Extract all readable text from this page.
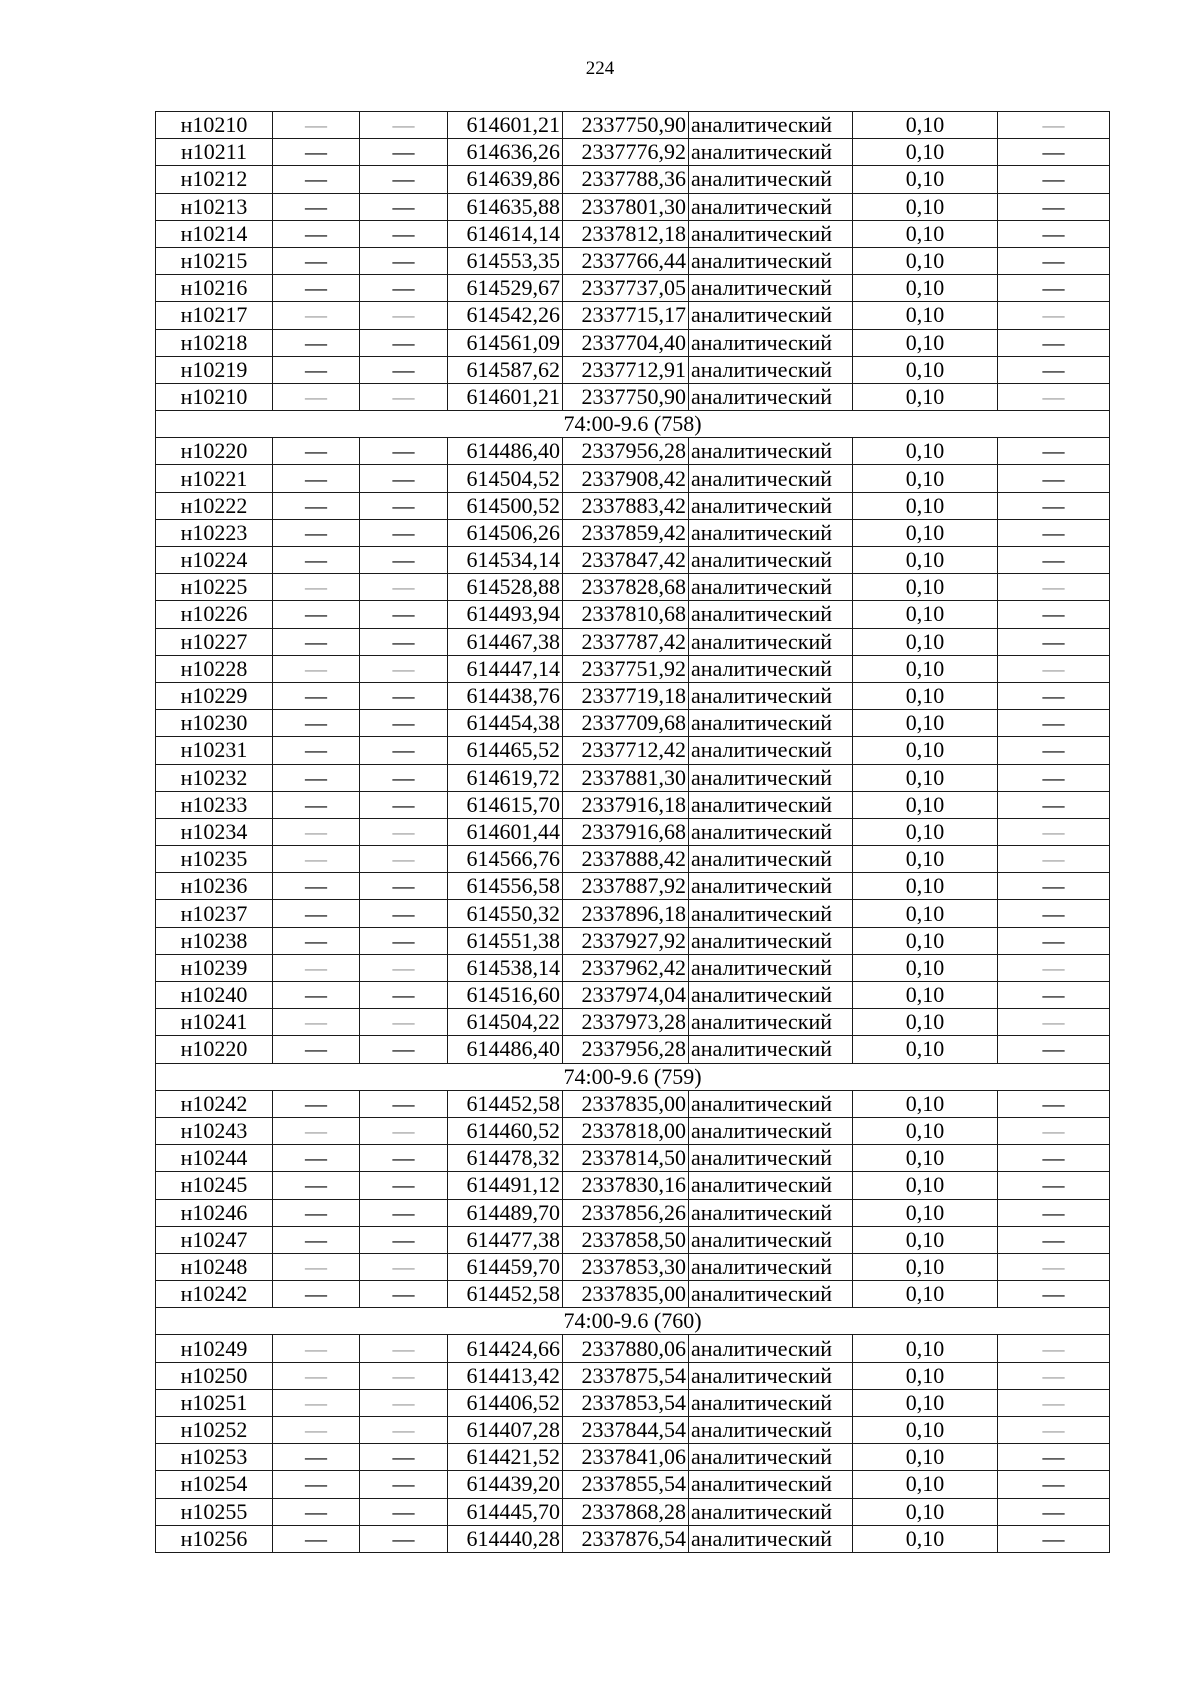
224
н10210	—	—	614601,21	2337750,90	аналитический	0,10	—
н10211	—	—	614636,26	2337776,92	аналитический	0,10	—
н10212	—	—	614639,86	2337788,36	аналитический	0,10	—
н10213	—	—	614635,88	2337801,30	аналитический	0,10	—
н10214	—	—	614614,14	2337812,18	аналитический	0,10	—
н10215	—	—	614553,35	2337766,44	аналитический	0,10	—
н10216	—	—	614529,67	2337737,05	аналитический	0,10	—
н10217	—	—	614542,26	2337715,17	аналитический	0,10	—
н10218	—	—	614561,09	2337704,40	аналитический	0,10	—
н10219	—	—	614587,62	2337712,91	аналитический	0,10	—
н10210	—	—	614601,21	2337750,90	аналитический	0,10	—
74:00-9.6 (758)							
н10220	—	—	614486,40	2337956,28	аналитический	0,10	—
н10221	—	—	614504,52	2337908,42	аналитический	0,10	—
н10222	—	—	614500,52	2337883,42	аналитический	0,10	—
н10223	—	—	614506,26	2337859,42	аналитический	0,10	—
н10224	—	—	614534,14	2337847,42	аналитический	0,10	—
н10225	—	—	614528,88	2337828,68	аналитический	0,10	—
н10226	—	—	614493,94	2337810,68	аналитический	0,10	—
н10227	—	—	614467,38	2337787,42	аналитический	0,10	—
н10228	—	—	614447,14	2337751,92	аналитический	0,10	—
н10229	—	—	614438,76	2337719,18	аналитический	0,10	—
н10230	—	—	614454,38	2337709,68	аналитический	0,10	—
н10231	—	—	614465,52	2337712,42	аналитический	0,10	—
н10232	—	—	614619,72	2337881,30	аналитический	0,10	—
н10233	—	—	614615,70	2337916,18	аналитический	0,10	—
н10234	—	—	614601,44	2337916,68	аналитический	0,10	—
н10235	—	—	614566,76	2337888,42	аналитический	0,10	—
н10236	—	—	614556,58	2337887,92	аналитический	0,10	—
н10237	—	—	614550,32	2337896,18	аналитический	0,10	—
н10238	—	—	614551,38	2337927,92	аналитический	0,10	—
н10239	—	—	614538,14	2337962,42	аналитический	0,10	—
н10240	—	—	614516,60	2337974,04	аналитический	0,10	—
н10241	—	—	614504,22	2337973,28	аналитический	0,10	—
н10220	—	—	614486,40	2337956,28	аналитический	0,10	—
74:00-9.6 (759)							
н10242	—	—	614452,58	2337835,00	аналитический	0,10	—
н10243	—	—	614460,52	2337818,00	аналитический	0,10	—
н10244	—	—	614478,32	2337814,50	аналитический	0,10	—
н10245	—	—	614491,12	2337830,16	аналитический	0,10	—
н10246	—	—	614489,70	2337856,26	аналитический	0,10	—
н10247	—	—	614477,38	2337858,50	аналитический	0,10	—
н10248	—	—	614459,70	2337853,30	аналитический	0,10	—
н10242	—	—	614452,58	2337835,00	аналитический	0,10	—
74:00-9.6 (760)							
н10249	—	—	614424,66	2337880,06	аналитический	0,10	—
н10250	—	—	614413,42	2337875,54	аналитический	0,10	—
н10251	—	—	614406,52	2337853,54	аналитический	0,10	—
н10252	—	—	614407,28	2337844,54	аналитический	0,10	—
н10253	—	—	614421,52	2337841,06	аналитический	0,10	—
н10254	—	—	614439,20	2337855,54	аналитический	0,10	—
н10255	—	—	614445,70	2337868,28	аналитический	0,10	—
н10256	—	—	614440,28	2337876,54	аналитический	0,10	—
